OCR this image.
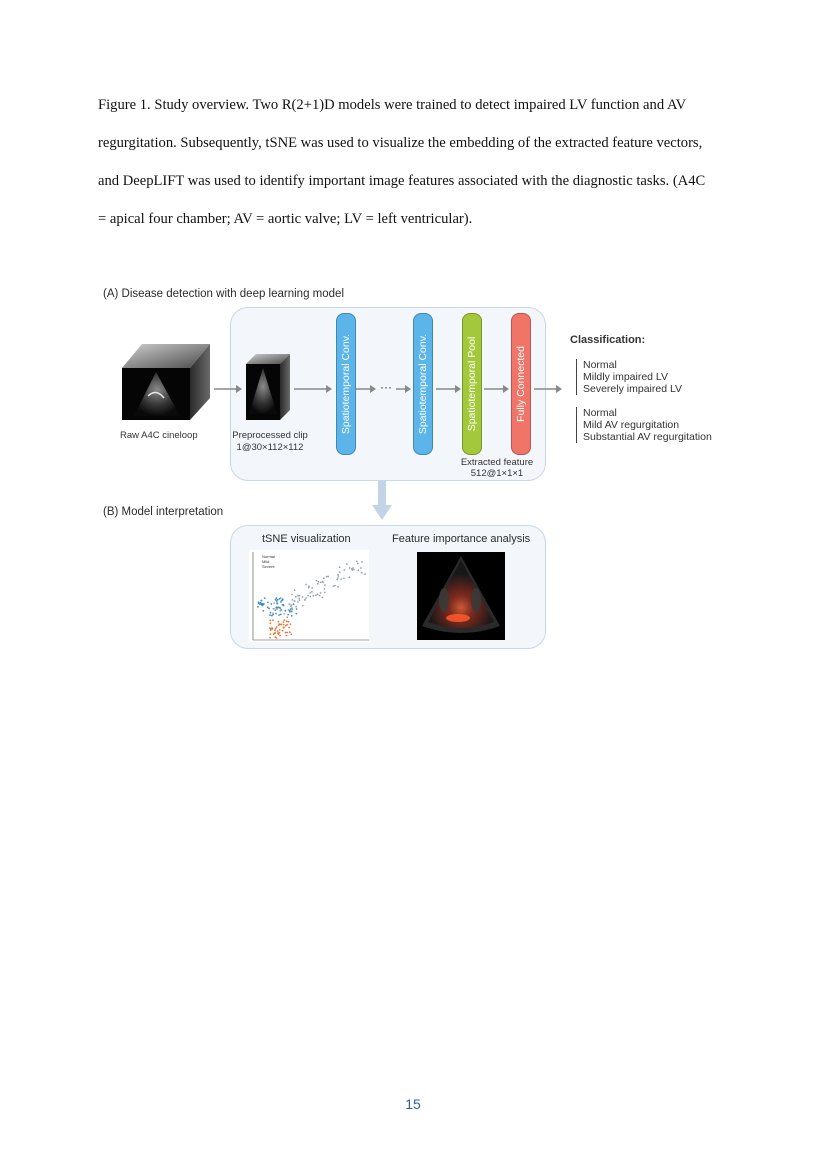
Figure 1. Study overview. Two R(2+1)D models were trained to detect impaired LV function and AV
regurgitation. Subsequently, tSNE was used to visualize the embedding of the extracted feature vectors,
and DeepLIFT was used to identify important image features associated with the diagnostic tasks. (A4C
= apical four chamber; AV = aortic valve; LV = left ventricular).
(A) Disease detection with deep learning model
Raw A4C cineloop	Preprocessed clip
1@30×112×112
Spatiotemporal Conv. ··· Spatiotemporal Conv.	Spatiotemporal Pool	Fully Connected
Extracted feature
512@1×1×1
Classification:
Normal
Mildly impaired LV
Severely impaired LV
Normal
Mild AV regurgitation
Substantial AV regurgitation
(B) Model interpretation
tSNE visualization	Feature importance analysis
Normal
Mild
Severe
15
